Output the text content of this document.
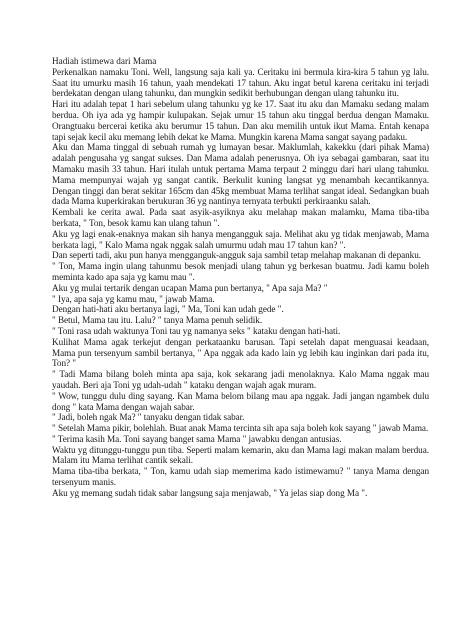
Hadiah istimewa dari Mama

Perkenalkan namaku Toni. Well, langsung saja kali ya. Ceritaku ini bermula kira-kira 5 tahun yg lalu. Saat itu umurku masih 16 tahun, yaah mendekati 17 tahun. Aku ingat betul karena ceritaku ini terjadi berdekatan dengan ulang tahunku, dan mungkin sedikit berhubungan dengan ulang tahunku itu.

Hari itu adalah tepat 1 hari sebelum ulang tahunku yg ke 17. Saat itu aku dan Mamaku sedang malam berdua. Oh iya ada yg hampir kulupakan. Sejak umur 15 tahun aku tinggal berdua dengan Mamaku. Orangtuaku bercerai ketika aku berumur 15 tahun. Dan aku memilih untuk ikut Mama. Entah kenapa tapi sejak kecil aku memang lebih dekat ke Mama. Mungkin karena Mama sangat sayang padaku.

Aku dan Mama tinggal di sebuah rumah yg lumayan besar. Maklumlah, kakekku (dari pihak Mama) adalah pengusaha yg sangat sukses. Dan Mama adalah penerusnya. Oh iya sebagai gambaran, saat itu Mamaku masih 33 tahun. Hari itulah untuk pertama Mama terpaut 2 minggu dari hari ulang tahunku. Mama mempunyai wajah yg sangat cantik. Berkulit kuning langsat yg menambah kecantikannya. Dengan tinggi dan berat sekitar 165cm dan 45kg membuat Mama terlihat sangat ideal. Sedangkan buah dada Mama kuperkirakan berukuran 36 yg nantinya ternyata terbukti perkiraanku salah.

Kembali ke cerita awal. Pada saat asyik-asyiknya aku melahap makan malamku, Mama tiba-tiba berkata, " Ton, besok kamu kan ulang tahun ".

Aku yg lagi enak-enaknya makan sih hanya mengangguk saja. Melihat aku yg tidak menjawab, Mama berkata lagi, " Kalo Mama ngak nggak salah umurmu udah mau 17 tahun kan? ".

Dan seperti tadi, aku pun hanya mengganguk-angguk saja sambil tetap melahap makanan di depanku.

" Ton, Mama ingin ulang tahunmu besok menjadi ulang tahun yg berkesan buatmu. Jadi kamu boleh meminta kado apa saja yg kamu mau ".

Aku yg mulai tertarik dengan ucapan Mama pun bertanya, " Apa saja Ma? "

" Iya, apa saja yg kamu mau, " jawab Mama.

Dengan hati-hati aku bertanya lagi, " Ma, Toni kan udah gede ".

" Betul, Mama tau itu. Lalu? " tanya Mama penuh selidik.

" Toni rasa udah waktunya Toni tau yg namanya seks " kataku dengan hati-hati.

Kulihat Mama agak terkejut dengan perkataanku barusan. Tapi setelah dapat menguasai keadaan, Mama pun tersenyum sambil bertanya, " Apa nggak ada kado lain yg lebih kau inginkan dari pada itu, Ton? "

" Tadi Mama bilang boleh minta apa saja, kok sekarang jadi menolaknya. Kalo Mama nggak mau yaudah. Beri aja Toni yg udah-udah " kataku dengan wajah agak muram.

" Wow, tunggu dulu ding sayang. Kan Mama belom bilang mau apa nggak. Jadi jangan ngambek dulu dong " kata Mama dengan wajah sabar.

" Jadi, boleh ngak Ma? " tanyaku dengan tidak sabar.

" Setelah Mama pikir, bolehlah. Buat anak Mama tercinta sih apa saja boleh kok sayang " jawab Mama.

" Terima kasih Ma. Toni sayang banget sama Mama " jawabku dengan antusias.

Waktu yg ditunggu-tunggu pun tiba. Seperti malam kemarin, aku dan Mama lagi makan malam berdua. Malam itu Mama terlihat cantik sekali.

Mama tiba-tiba berkata, " Ton, kamu udah siap memerima kado istimewamu? " tanya Mama dengan tersenyum manis.

Aku yg memang sudah tidak sabar langsung saja menjawab, " Ya jelas siap dong Ma ".
